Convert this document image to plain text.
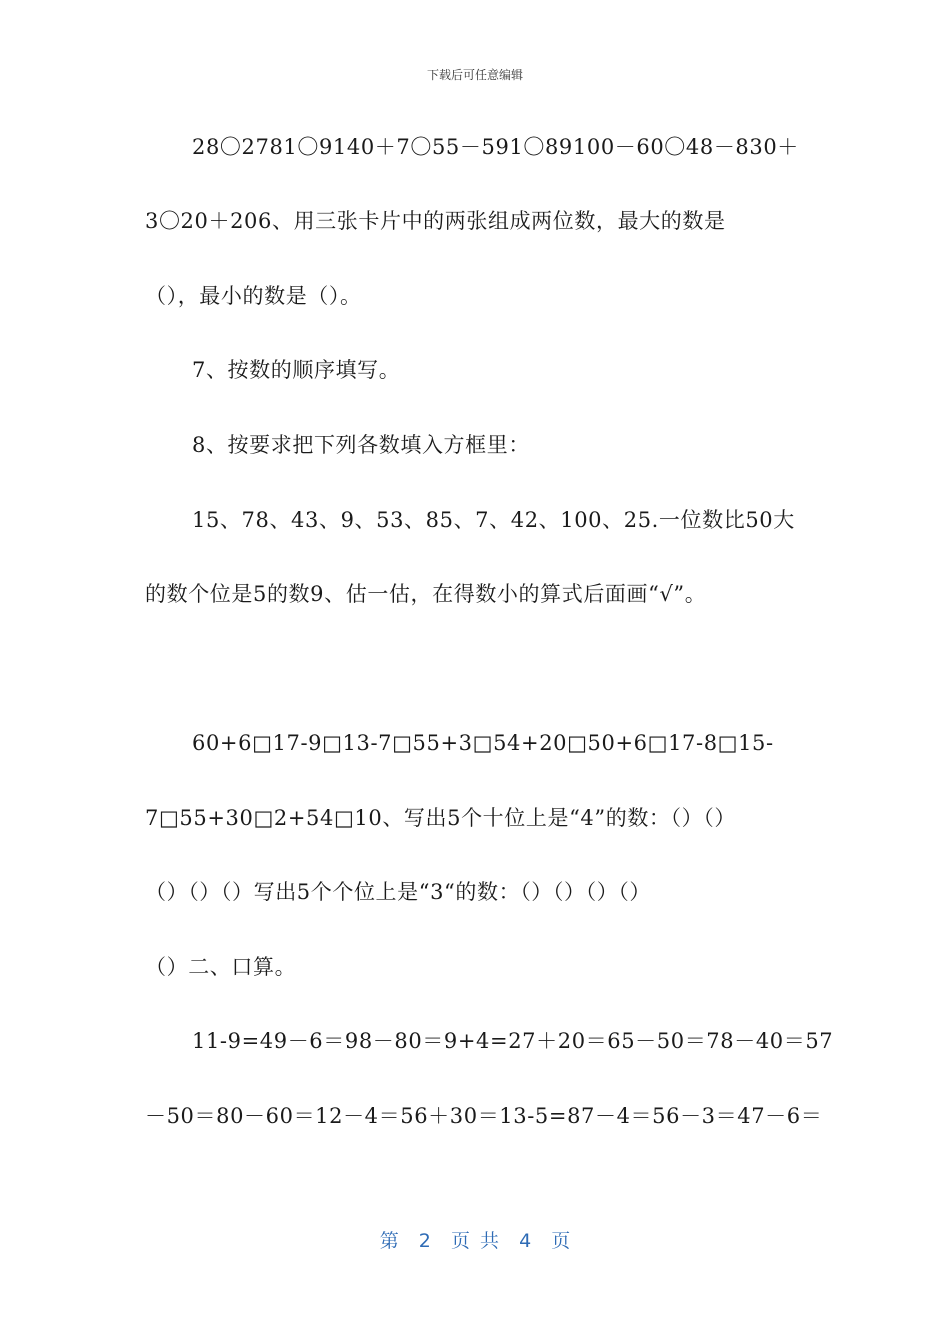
下载后可任意编辑
28〇2781〇9140＋7〇55－591〇89100－60〇48－830＋
3〇20＋206、用三张卡片中的两张组成两位数，最大的数是
（），最小的数是（）。
7、按数的顺序填写。
8、按要求把下列各数填入方框里：
15、78、43、9、53、85、7、42、100、25.一位数比50大
的数个位是5的数9、估一估，在得数小的算式后面画“√”。
60+6□17-9□13-7□55+3□54+20□50+6□17-8□15-
7□55+30□2+54□10、写出5个十位上是“4”的数：（）（）
（）（）（）写出5个个位上是“3“的数：（）（）（）（）
（）二、口算。
11-9=49－6＝98－80＝9+4=27＋20＝65－50＝78－40＝57
－50＝80－60＝12－4＝56＋30＝13-5=87－4＝56－3＝47－6＝
第  2  页 共  4  页
